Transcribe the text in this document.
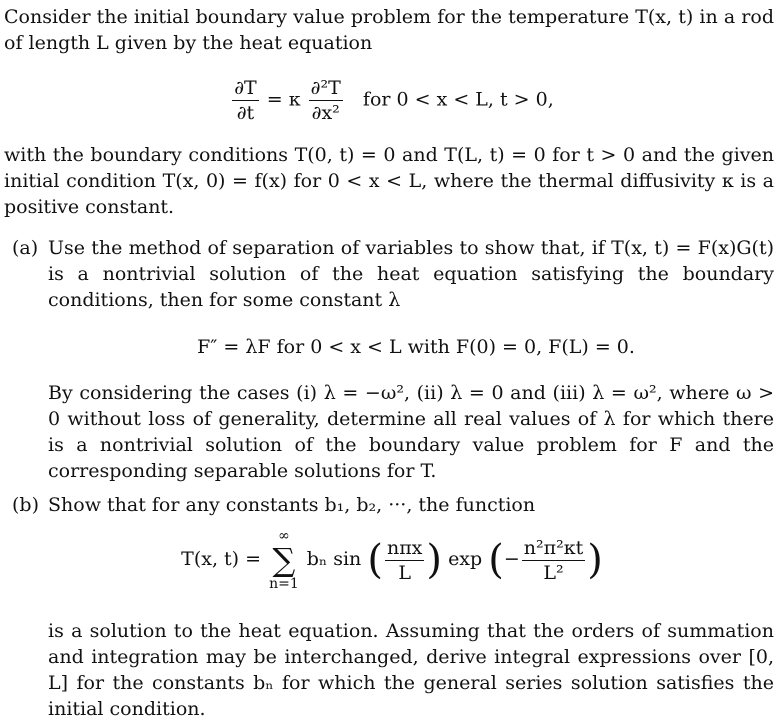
Consider the initial boundary value problem for the temperature T(x, t) in a rod of length L given by the heat equation
$\frac{\partial T}{\partial t} = \kappa \frac{\text{∂²T}}{\text{∂x²}}$ for 0 < x < L, t > 0,
with the boundary conditions T(0, t) = 0 and T(L, t) = 0 for t > 0 and the given initial condition T(x, 0) = f(x) for 0 < x < L, where the thermal diffusivity κ is a positive constant.
(a) Use the method of separation of variables to show that, if T(x, t) = F(x)G(t) is a nontrivial solution of the heat equation satisfying the boundary conditions, then for some constant λ
F″ = λF for 0 < x < L with F(0) = 0, F(L) = 0.
By considering the cases (i) λ = −ω², (ii) λ = 0 and (iii) λ = ω², where ω > 0 without loss of generality, determine all real values of λ for which there is a nontrivial solution of the boundary value problem for F and the corresponding separable solutions for T.
(b) Show that for any constants b₁, b₂, ···, the function
T(x, t) = ∞
∑
n=1 bₙ sin ( $\frac{\text{nπx}}{L}$ ) exp (− $\frac{\text{n²π²κt}}{\text{L²}}$ )
is a solution to the heat equation. Assuming that the orders of summation and integration may be interchanged, derive integral expressions over [0, L] for the constants bₙ for which the general series solution satisfies the initial condition.
